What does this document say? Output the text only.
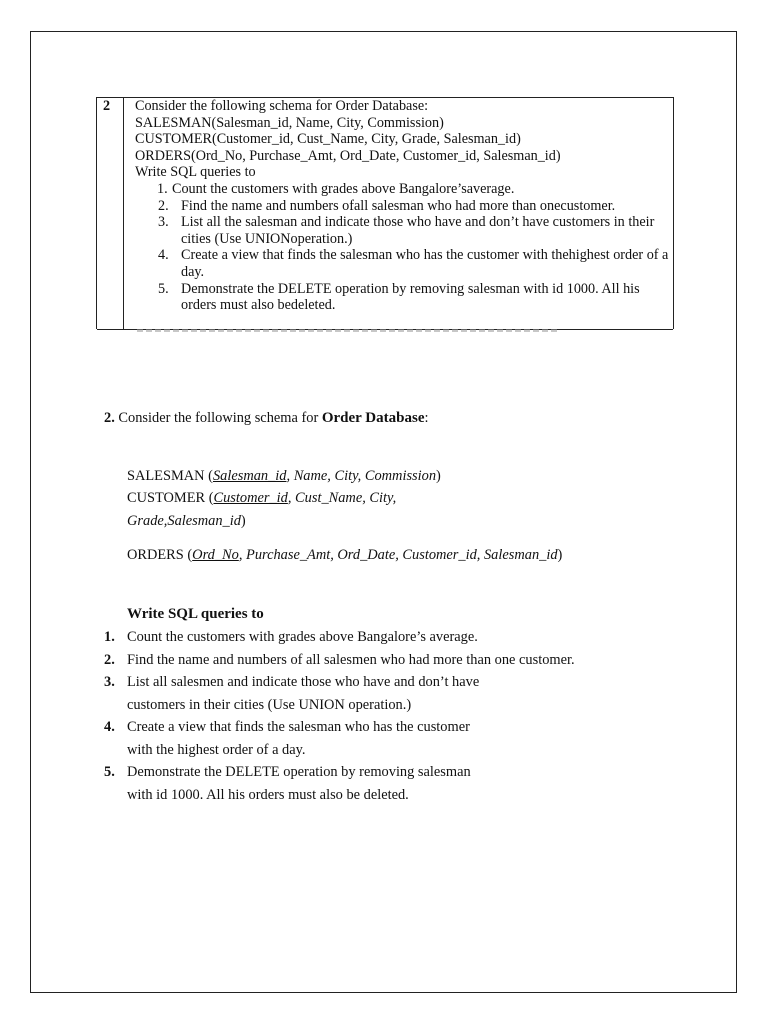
2	Consider the following schema for Order Database:
SALESMAN(Salesman_id, Name, City, Commission)
CUSTOMER(Customer_id, Cust_Name, City, Grade, Salesman_id)
ORDERS(Ord_No, Purchase_Amt, Ord_Date, Customer_id, Salesman_id)
Write SQL queries to
1. Count the customers with grades above Bangalore’saverage.
2. Find the name and numbers ofall salesman who had more than onecustomer.
3. List all the salesman and indicate those who have and don’t have customers in their cities (Use UNIONoperation.)
4. Create a view that finds the salesman who has the customer with thehighest order of a day.
5. Demonstrate the DELETE operation by removing salesman with id 1000. All his orders must also bedeleted.
2. Consider the following schema for Order Database:
SALESMAN (Salesman_id, Name, City, Commission)
CUSTOMER (Customer_id, Cust_Name, City,
Grade,Salesman_id)
ORDERS (Ord_No, Purchase_Amt, Ord_Date, Customer_id, Salesman_id)
Write SQL queries to
1. Count the customers with grades above Bangalore’s average.
2. Find the name and numbers of all salesmen who had more than one customer.
3. List all salesmen and indicate those who have and don’t have
customers in their cities (Use UNION operation.)
4. Create a view that finds the salesman who has the customer
with the highest order of a day.
5. Demonstrate the DELETE operation by removing salesman
with id 1000. All his orders must also be deleted.
